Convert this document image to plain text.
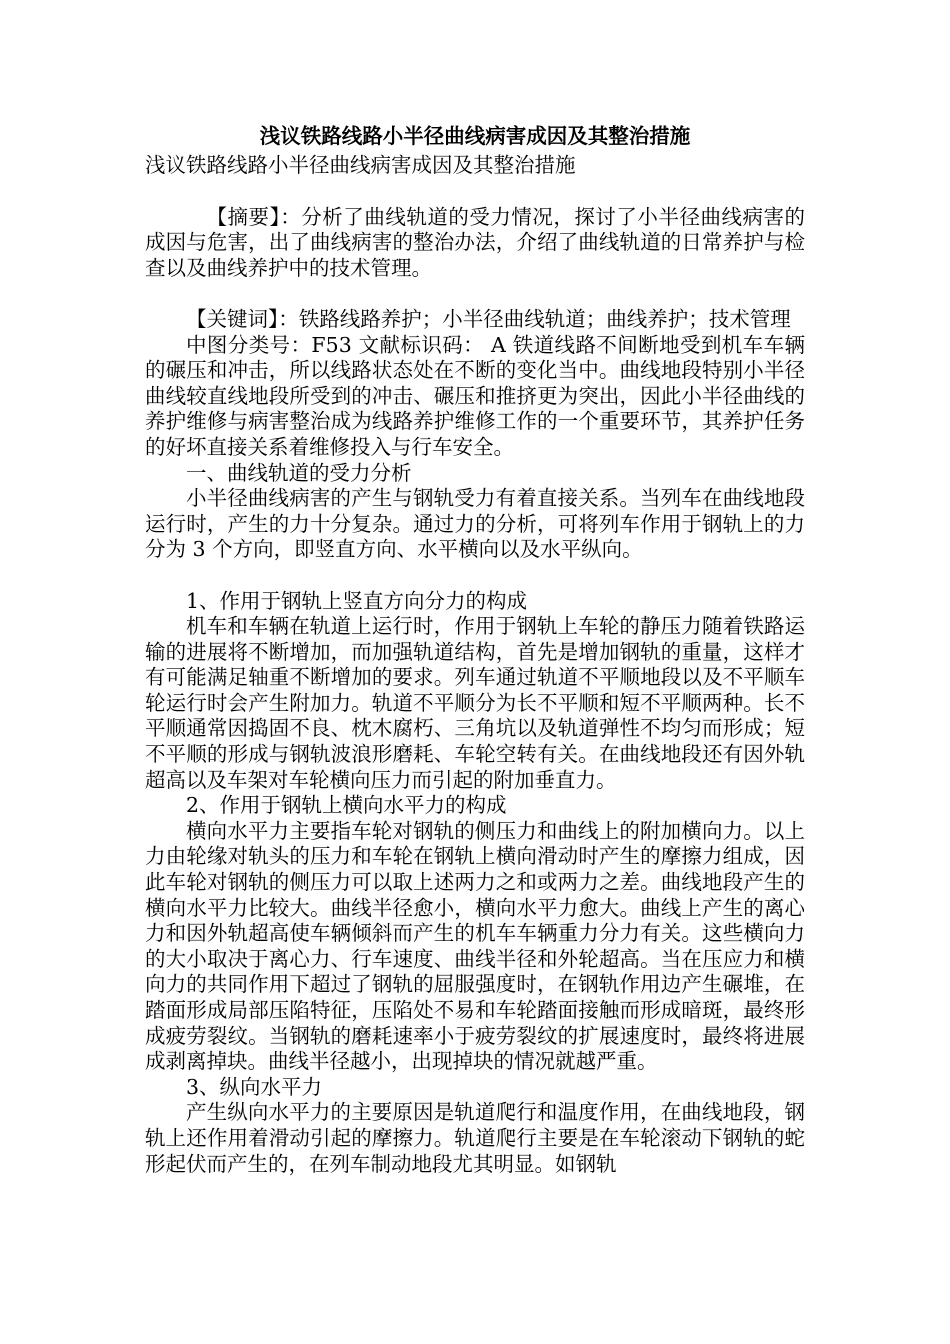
浅议铁路线路小半径曲线病害成因及其整治措施

浅议铁路线路小半径曲线病害成因及其整治措施

【摘要】：分析了曲线轨道的受力情况，探讨了小半径曲线病害的成因与危害，出了曲线病害的整治办法，介绍了曲线轨道的日常养护与检查以及曲线养护中的技术管理。

【关键词】：铁路线路养护；小半径曲线轨道；曲线养护；技术管理

中图分类号：F53 文献标识码： A 铁道线路不间断地受到机车车辆的碾压和冲击，所以线路状态处在不断的变化当中。曲线地段特别小半径曲线较直线地段所受到的冲击、碾压和推挤更为突出，因此小半径曲线的养护维修与病害整治成为线路养护维修工作的一个重要环节，其养护任务的好坏直接关系着维修投入与行车安全。

一、曲线轨道的受力分析

小半径曲线病害的产生与钢轨受力有着直接关系。当列车在曲线地段运行时，产生的力十分复杂。通过力的分析，可将列车作用于钢轨上的力分为 3 个方向，即竖直方向、水平横向以及水平纵向。

1、作用于钢轨上竖直方向分力的构成

机车和车辆在轨道上运行时，作用于钢轨上车轮的静压力随着铁路运输的进展将不断增加，而加强轨道结构，首先是增加钢轨的重量，这样才有可能满足轴重不断增加的要求。列车通过轨道不平顺地段以及不平顺车轮运行时会产生附加力。轨道不平顺分为长不平顺和短不平顺两种。长不平顺通常因捣固不良、枕木腐朽、三角坑以及轨道弹性不均匀而形成；短不平顺的形成与钢轨波浪形磨耗、车轮空转有关。在曲线地段还有因外轨超高以及车架对车轮横向压力而引起的附加垂直力。

2、作用于钢轨上横向水平力的构成

横向水平力主要指车轮对钢轨的侧压力和曲线上的附加横向力。以上力由轮缘对轨头的压力和车轮在钢轨上横向滑动时产生的摩擦力组成，因此车轮对钢轨的侧压力可以取上述两力之和或两力之差。曲线地段产生的横向水平力比较大。曲线半径愈小，横向水平力愈大。曲线上产生的离心力和因外轨超高使车辆倾斜而产生的机车车辆重力分力有关。这些横向力的大小取决于离心力、行车速度、曲线半径和外轮超高。当在压应力和横向力的共同作用下超过了钢轨的屈服强度时，在钢轨作用边产生碾堆，在踏面形成局部压陷特征，压陷处不易和车轮踏面接触而形成暗斑，最终形成疲劳裂纹。当钢轨的磨耗速率小于疲劳裂纹的扩展速度时，最终将进展成剥离掉块。曲线半径越小，出现掉块的情况就越严重。

3、纵向水平力

产生纵向水平力的主要原因是轨道爬行和温度作用，在曲线地段，钢轨上还作用着滑动引起的摩擦力。轨道爬行主要是在车轮滚动下钢轨的蛇形起伏而产生的，在列车制动地段尤其明显。如钢轨
